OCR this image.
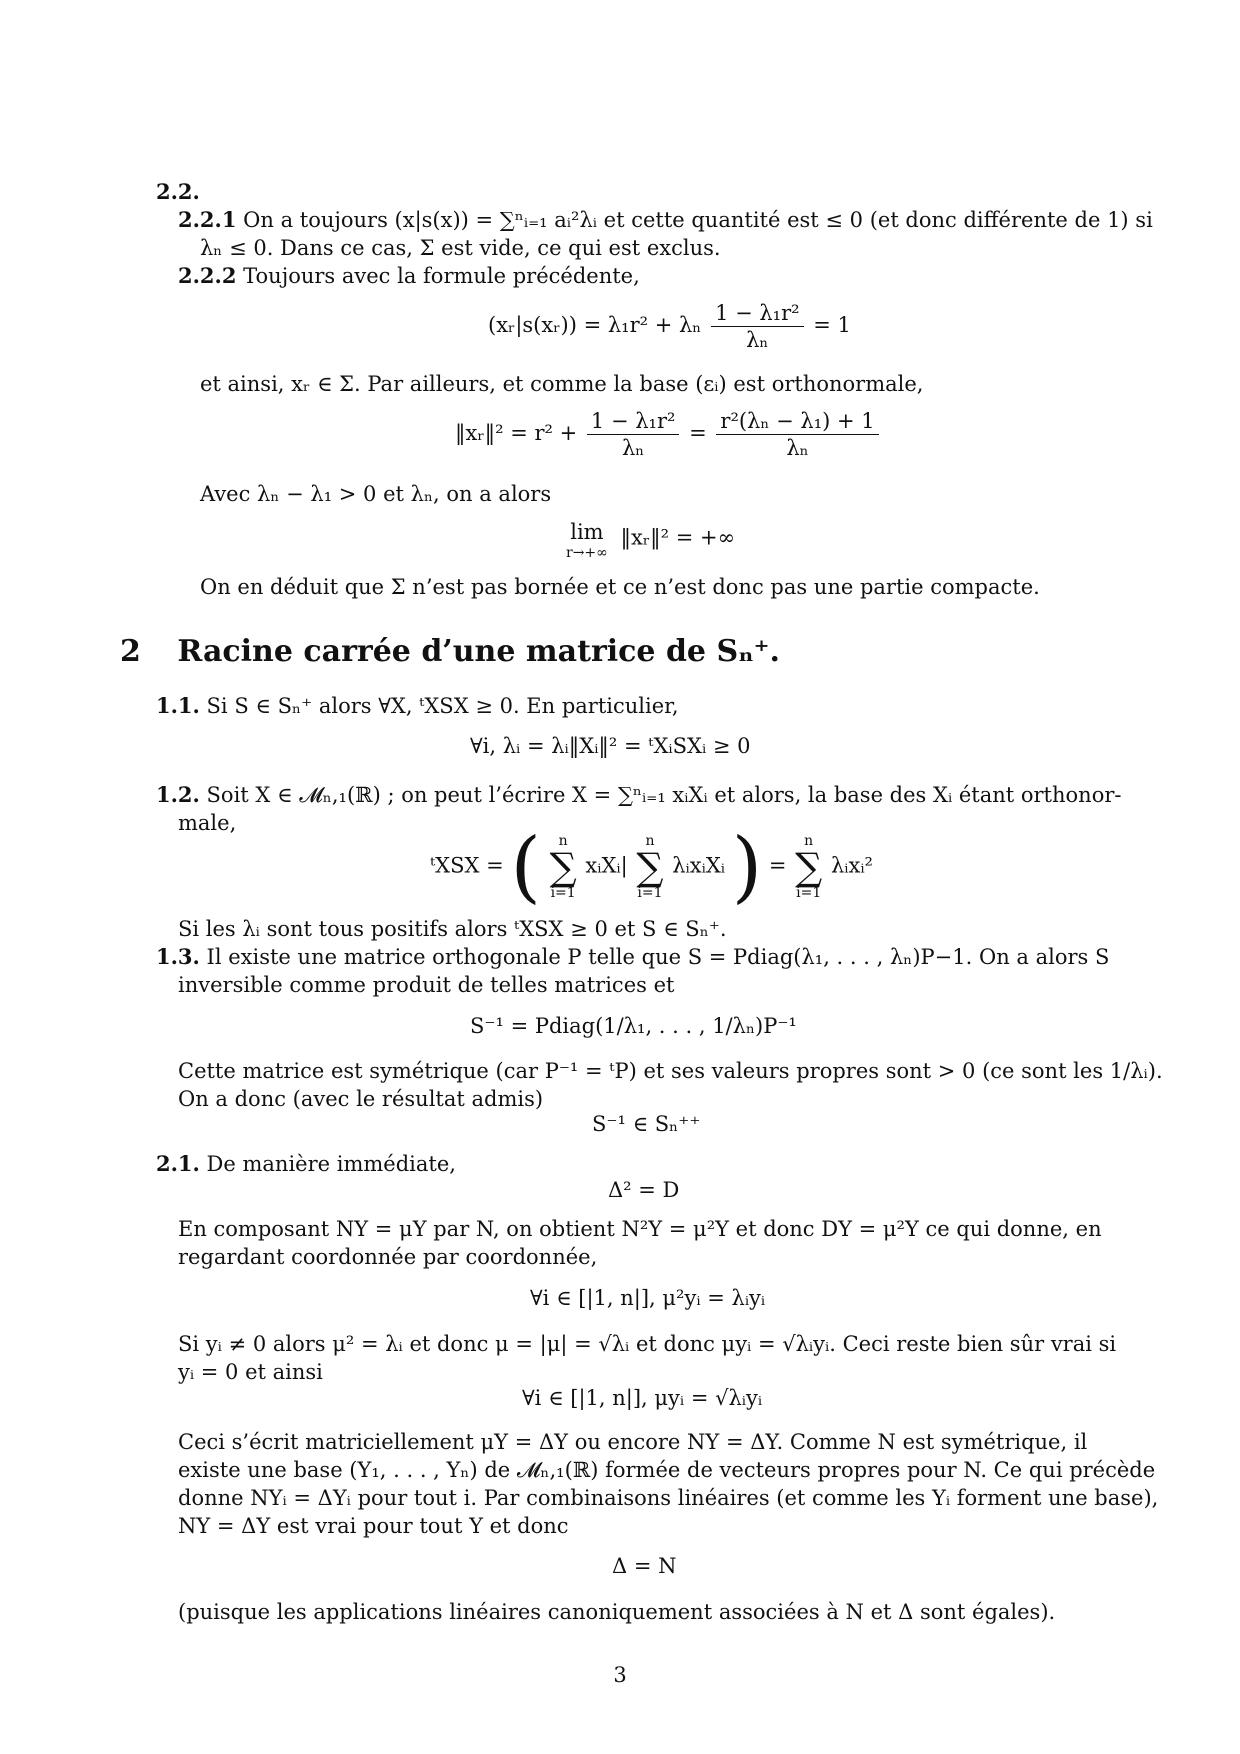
2.2.
2.2.1 On a toujours (x|s(x)) = ∑ⁿᵢ₌₁ aᵢ²λᵢ et cette quantité est ≤ 0 (et donc différente de 1) si
λₙ ≤ 0. Dans ce cas, Σ est vide, ce qui est exclus.
2.2.2 Toujours avec la formule précédente,
(xᵣ|s(xᵣ)) = λ₁r² + λₙ $\frac{\text{1 − λ₁r²}}{\text{λₙ}} = 1$
et ainsi, xᵣ ∈ Σ. Par ailleurs, et comme la base (εᵢ) est orthonormale,
‖xᵣ‖² = $r^2 + \frac{\text{1 − λ₁r²}}{\text{λₙ}} = \frac{\text{r²(λₙ − λ₁) + 1}}{\text{λₙ}}$
Avec λₙ − λ₁ > 0 et λₙ, on a alors
lim
r→+∞
‖xᵣ‖² = +∞
On en déduit que Σ n’est pas bornée et ce n’est donc pas une partie compacte.
2 Racine carrée d’une matrice de Sₙ⁺.
1.1. Si S ∈ Sₙ⁺ alors ∀X, ᵗXSX ≥ 0. En particulier,
∀i, λᵢ = λᵢ‖Xᵢ‖² = ᵗXᵢSXᵢ ≥ 0
1.2. Soit X ∈ 𝓜ₙ,₁(ℝ) ; on peut l’écrire X = ∑ⁿᵢ₌₁ xᵢXᵢ et alors, la base des Xᵢ étant orthonor-
male,
ᵗXSX = (	n
∑
i=1
xᵢXᵢ|
n
∑
i=1
λᵢxᵢXᵢ ) =
n
∑
i=1
λᵢxᵢ²
Si les λᵢ sont tous positifs alors ᵗXSX ≥ 0 et S ∈ Sₙ⁺.
1.3. Il existe une matrice orthogonale P telle que S = Pdiag(λ₁, . . . , λₙ)P−1. On a alors S
inversible comme produit de telles matrices et
S⁻¹ = Pdiag(1/λ₁, . . . , 1/λₙ)P⁻¹
Cette matrice est symétrique (car P⁻¹ = ᵗP) et ses valeurs propres sont > 0 (ce sont les 1/λᵢ).
On a donc (avec le résultat admis)
S⁻¹ ∈ Sₙ⁺⁺
2.1. De manière immédiate,
Δ² = D
En composant NY = μY par N, on obtient N²Y = μ²Y et donc DY = μ²Y ce qui donne, en
regardant coordonnée par coordonnée,
∀i ∈ [|1, n|], μ²yᵢ = λᵢyᵢ
Si yᵢ ≠ 0 alors μ² = λᵢ et donc μ = |μ| = √λᵢ et donc μyᵢ = √λᵢyᵢ. Ceci reste bien sûr vrai si
yᵢ = 0 et ainsi
∀i ∈ [|1, n|], μyᵢ = √λᵢyᵢ
Ceci s’écrit matriciellement μY = ΔY ou encore NY = ΔY. Comme N est symétrique, il
existe une base (Y₁, . . . , Yₙ) de 𝓜ₙ,₁(ℝ) formée de vecteurs propres pour N. Ce qui précède
donne NYᵢ = ΔYᵢ pour tout i. Par combinaisons linéaires (et comme les Yᵢ forment une base),
NY = ΔY est vrai pour tout Y et donc
Δ = N
(puisque les applications linéaires canoniquement associées à N et Δ sont égales).
3
